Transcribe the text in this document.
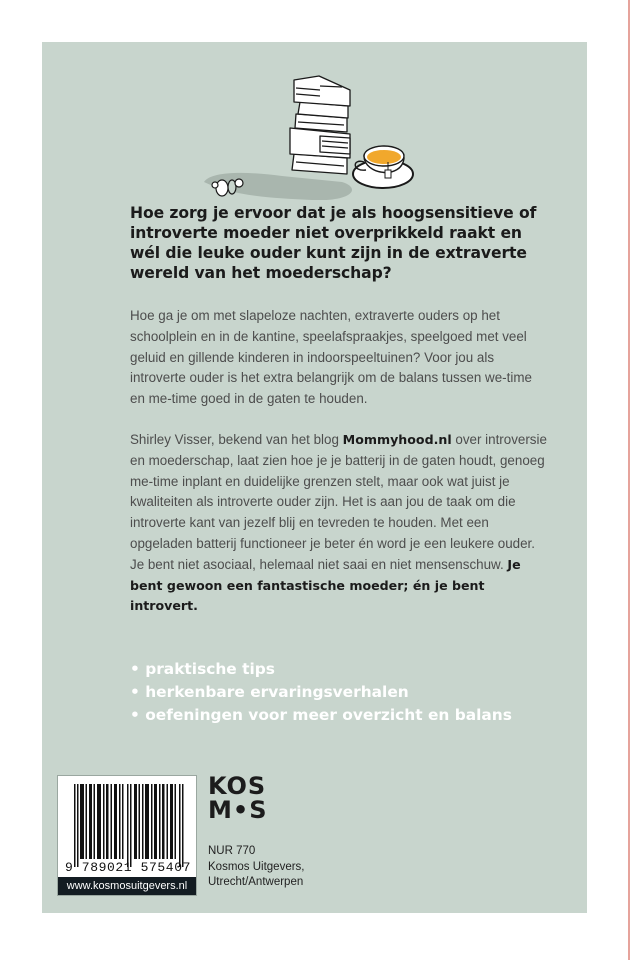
Hoe zorg je ervoor dat je als hoogsensitieve of introverte moeder niet overprikkeld raakt en wél die leuke ouder kunt zijn in de extraverte wereld van het moederschap?
Hoe ga je om met slapeloze nachten, extraverte ouders op het schoolplein en in de kantine, speelafspraakjes, speelgoed met veel geluid en gillende kinderen in indoorspeeltuinen? Voor jou als introverte ouder is het extra belangrijk om de balans tussen we-time en me-time goed in de gaten te houden.
Shirley Visser, bekend van het blog Mommyhood.nl over introversie en moederschap, laat zien hoe je je batterij in de gaten houdt, genoeg me-time inplant en duidelijke grenzen stelt, maar ook wat juist je kwaliteiten als introverte ouder zijn. Het is aan jou de taak om die introverte kant van jezelf blij en tevreden te houden. Met een opgeladen batterij functioneer je beter én word je een leukere ouder. Je bent niet asociaal, helemaal niet saai en niet mensenschuw. Je bent gewoon een fantastische moeder; én je bent introvert.
• praktische tips
• herkenbare ervaringsverhalen
• oefeningen voor meer overzicht en balans
9 789021 575407
www.kosmosuitgevers.nl
KOS
M•S
NUR 770
Kosmos Uitgevers,
Utrecht/Antwerpen
